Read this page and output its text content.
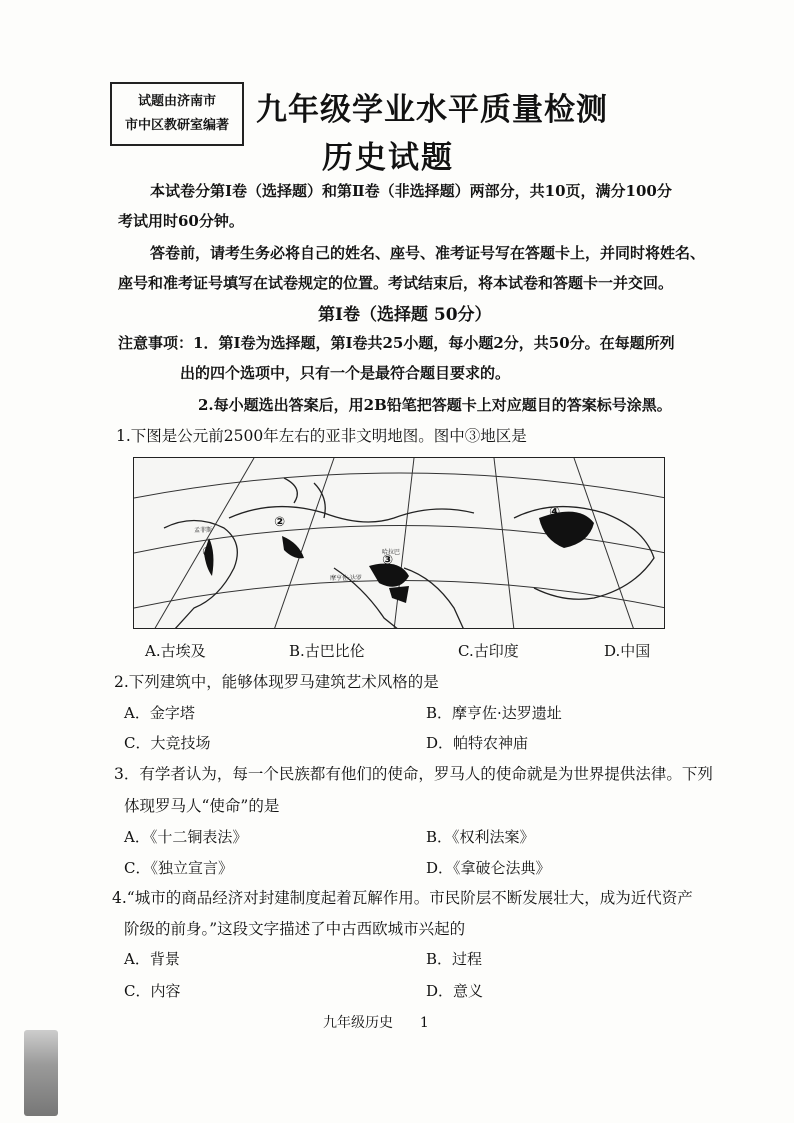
试题由济南市
市中区教研室编著 九年级学业水平质量检测
历史试题
本试卷分第Ⅰ卷（选择题）和第Ⅱ卷（非选择题）两部分，共10页，满分100分
考试用时60分钟。
答卷前，请考生务必将自己的姓名、座号、准考证号写在答题卡上，并同时将姓名、
座号和准考证号填写在试卷规定的位置。考试结束后，将本试卷和答题卡一并交回。
第Ⅰ卷（选择题 50分）
注意事项：1．第Ⅰ卷为选择题，第Ⅰ卷共25小题，每小题2分，共50分。在每题所列
出的四个选项中，只有一个是最符合题目要求的。
2.每小题选出答案后，用2B铅笔把答题卡上对应题目的答案标号涂黑。
1.下图是公元前2500年左右的亚非文明地图。图中③地区是
摩亨佐·达罗
哈拉巴
孟菲斯
①
②
③
④
A.古埃及	B.古巴比伦	C.古印度	D.中国
2.下列建筑中，能够体现罗马建筑艺术风格的是
A．金字塔	B．摩亨佐·达罗遗址
C．大竞技场	D．帕特农神庙
3．有学者认为，每一个民族都有他们的使命，罗马人的使命就是为世界提供法律。下列
体现罗马人“使命”的是
A．《十二铜表法》	B．《权利法案》
C．《独立宣言》	D．《拿破仑法典》
4.“城市的商品经济对封建制度起着瓦解作用。市民阶层不断发展壮大，成为近代资产
阶级的前身。”这段文字描述了中古西欧城市兴起的
A．背景	B．过程
C．内容	D．意义
九年级历史 1
